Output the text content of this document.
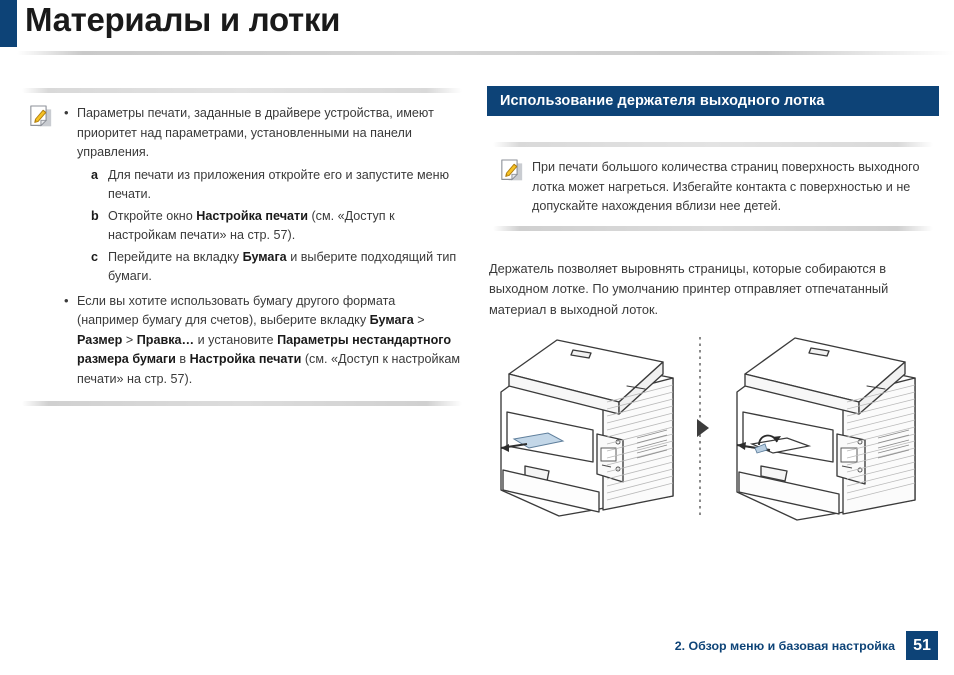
Материалы и лотки
• Параметры печати, заданные в драйвере устройства, имеют приоритет над параметрами, установленными на панели управления.
a Для печати из приложения откройте его и запустите меню печати.
b Откройте окно Настройка печати (см. «Доступ к настройкам печати» на стр. 57).
c Перейдите на вкладку Бумага и выберите подходящий тип бумаги.
• Если вы хотите использовать бумагу другого формата (например бумагу для счетов), выберите вкладку Бумага > Размер > Правка… и установите Параметры нестандартного размера бумаги в Настройка печати (см. «Доступ к настройкам печати» на стр. 57).
Использование держателя выходного лотка
При печати большого количества страниц поверхность выходного лотка может нагреться. Избегайте контакта с поверхностью и не допускайте нахождения вблизи нее детей.
Держатель позволяет выровнять страницы, которые собираются в выходном лотке. По умолчанию принтер отправляет отпечатанный материал в выходной лоток.
2. Обзор меню и базовая настройка	51
